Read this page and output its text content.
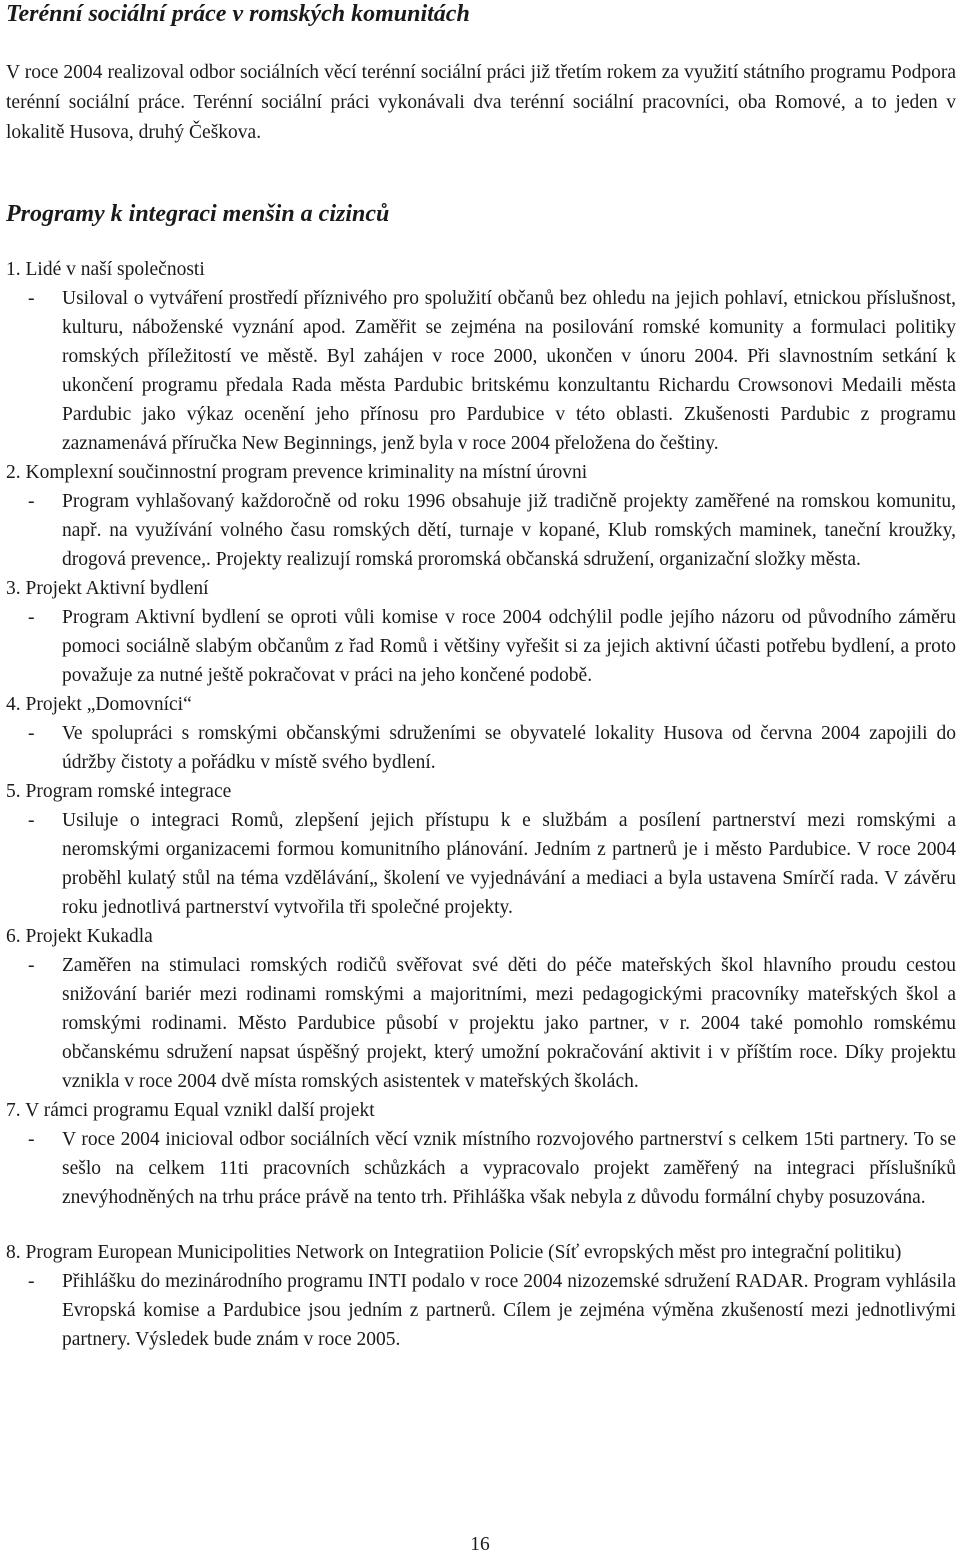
Terénní sociální práce v romských komunitách

V roce 2004 realizoval odbor sociálních věcí terénní sociální práci již třetím rokem za využití státního programu Podpora terénní sociální práce. Terénní sociální práci vykonávali dva terénní sociální pracovníci, oba Romové, a to jeden v lokalitě Husova, druhý Češkova.

Programy k integraci menšin a cizinců

1. Lidé v naší společnosti

- Usiloval o vytváření prostředí příznivého pro spolužití občanů bez ohledu na jejich pohlaví, etnickou příslušnost, kulturu, náboženské vyznání apod. Zaměřit se zejména na posilování romské komunity a formulaci politiky romských příležitostí ve městě. Byl zahájen v roce 2000, ukončen v únoru 2004. Při slavnostním setkání k ukončení programu předala Rada města Pardubic britskému konzultantu Richardu Crowsonovi Medaili města Pardubic jako výkaz ocenění jeho přínosu pro Pardubice v této oblasti. Zkušenosti Pardubic z programu zaznamenává příručka New Beginnings, jenž byla v roce 2004 přeložena do češtiny.

2. Komplexní součinnostní program prevence kriminality na místní úrovni

- Program vyhlašovaný každoročně od roku 1996 obsahuje již tradičně projekty zaměřené na romskou komunitu, např. na využívání volného času romských dětí, turnaje v kopané, Klub romských maminek, taneční kroužky, drogová prevence,. Projekty realizují romská proromská občanská sdružení, organizační složky města.

3. Projekt Aktivní bydlení

- Program Aktivní bydlení se oproti vůli komise v roce 2004 odchýlil podle jejího názoru od původního záměru pomoci sociálně slabým občanům z řad Romů i většiny vyřešit si za jejich aktivní účasti potřebu bydlení, a proto považuje za nutné ještě pokračovat v práci na jeho končené podobě.

4. Projekt „Domovníci“

- Ve spolupráci s romskými občanskými sdruženími se obyvatelé lokality Husova od června 2004 zapojili do údržby čistoty a pořádku v místě svého bydlení.

5. Program romské integrace

- Usiluje o integraci Romů, zlepšení jejich přístupu k e službám a posílení partnerství mezi romskými a neromskými organizacemi formou komunitního plánování. Jedním z partnerů je i město Pardubice. V roce 2004 proběhl kulatý stůl na téma vzdělávání„ školení ve vyjednávání a mediaci a byla ustavena Smírčí rada. V závěru roku jednotlivá partnerství vytvořila tři společné projekty.

6. Projekt Kukadla

- Zaměřen na stimulaci romských rodičů svěřovat své děti do péče mateřských škol hlavního proudu cestou snižování bariér mezi rodinami romskými a majoritními, mezi pedagogickými pracovníky mateřských škol a romskými rodinami. Město Pardubice působí v projektu jako partner, v r. 2004 také pomohlo romskému občanskému sdružení napsat úspěšný projekt, který umožní pokračování aktivit i v příštím roce. Díky projektu vznikla v roce 2004 dvě místa romských asistentek v mateřských školách.

7. V rámci programu Equal vznikl další projekt

- V roce 2004 inicioval odbor sociálních věcí vznik místního rozvojového partnerství s celkem 15ti partnery. To se sešlo na celkem 11ti pracovních schůzkách a vypracovalo projekt zaměřený na integraci příslušníků znevýhodněných na trhu práce právě na tento trh. Přihláška však nebyla z důvodu formální chyby posuzována.

8. Program European Municipolities Network on Integratiion Policie (Síť evropských měst pro integrační politiku)

- Přihlášku do mezinárodního programu INTI podalo v roce 2004 nizozemské sdružení RADAR. Program vyhlásila Evropská komise a Pardubice jsou jedním z partnerů. Cílem je zejména výměna zkušeností mezi jednotlivými partnery. Výsledek bude znám v roce 2005.

16
